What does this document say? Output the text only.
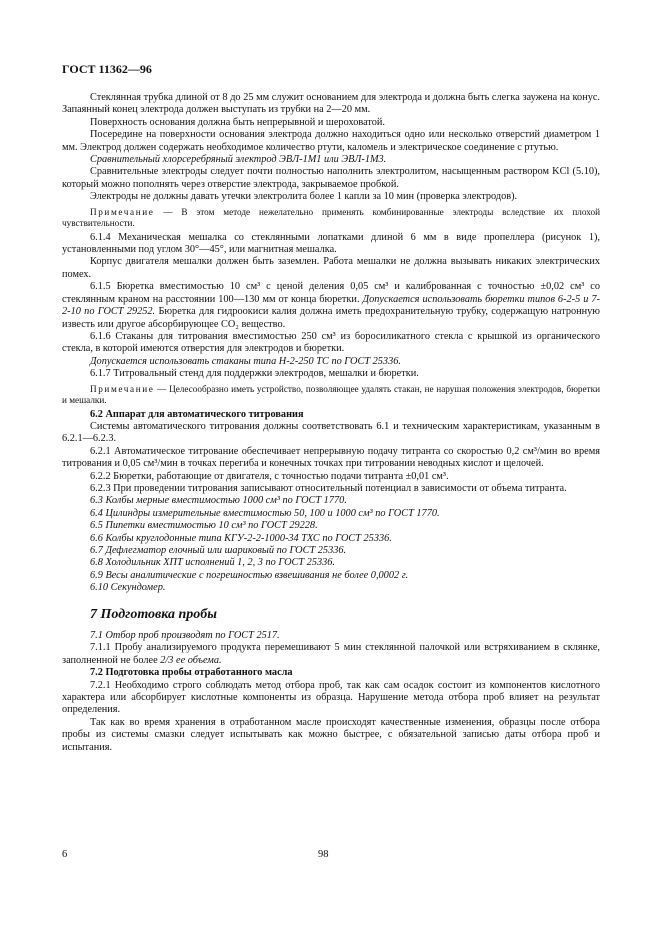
ГОСТ 11362—96

Стеклянная трубка длиной от 8 до 25 мм служит основанием для электрода и должна быть слегка заужена на конус. Запаянный конец электрода должен выступать из трубки на 2—20 мм.

Поверхность основания должна быть непрерывной и шероховатой.

Посередине на поверхности основания электрода должно находиться одно или несколько отверстий диаметром 1 мм. Электрод должен содержать необходимое количество ртути, каломель и электрическое соединение с ртутью.

Сравнительный хлорсеребряный электрод ЭВЛ-1М1 или ЭВЛ-1М3.

Сравнительные электроды следует почти полностью наполнить электролитом, насыщенным раствором KCl (5.10), который можно пополнять через отверстие электрода, закрываемое пробкой.

Электроды не должны давать утечки электролита более 1 капли за 10 мин (проверка электродов).

Примечание — В этом методе нежелательно применять комбинированные электроды вследствие их плохой чувствительности.

6.1.4 Механическая мешалка со стеклянными лопатками длиной 6 мм в виде пропеллера (рисунок 1), установленными под углом 30°—45°, или магнитная мешалка.

Корпус двигателя мешалки должен быть заземлен. Работа мешалки не должна вызывать никаких электрических помех.

6.1.5 Бюретка вместимостью 10 см³ с ценой деления 0,05 см³ и калиброванная с точностью ±0,02 см³ со стеклянным краном на расстоянии 100—130 мм от конца бюретки. Допускается использовать бюретки типов 6-2-5 и 7-2-10 по ГОСТ 29252. Бюретка для гидроокиси калия должна иметь предохранительную трубку, содержащую натронную известь или другое абсорбирующее CO₂ вещество.

6.1.6 Стаканы для титрования вместимостью 250 см³ из боросиликатного стекла с крышкой из органического стекла, в которой имеются отверстия для электродов и бюретки.

Допускается использовать стаканы типа Н-2-250 ТС по ГОСТ 25336.

6.1.7 Титровальный стенд для поддержки электродов, мешалки и бюретки.

Примечание — Целесообразно иметь устройство, позволяющее удалять стакан, не нарушая положения электродов, бюретки и мешалки.

6.2 Аппарат для автоматического титрования

Системы автоматического титрования должны соответствовать 6.1 и техническим характеристикам, указанным в 6.2.1—6.2.3.

6.2.1 Автоматическое титрование обеспечивает непрерывную подачу титранта со скоростью 0,2 см³/мин во время титрования и 0,05 см³/мин в точках перегиба и конечных точках при титровании неводных кислот и щелочей.

6.2.2 Бюретки, работающие от двигателя, с точностью подачи титранта ±0,01 см³.

6.2.3 При проведении титрования записывают относительный потенциал в зависимости от объема титранта.

6.3 Колбы мерные вместимостью 1000 см³ по ГОСТ 1770.

6.4 Цилиндры измерительные вместимостью 50, 100 и 1000 см³ по ГОСТ 1770.

6.5 Пипетки вместимостью 10 см³ по ГОСТ 29228.

6.6 Колбы круглодонные типа КГУ-2-2-1000-34 ТХС по ГОСТ 25336.

6.7 Дефлегматор елочный или шариковый по ГОСТ 25336.

6.8 Холодильник ХПТ исполнений 1, 2, 3 по ГОСТ 25336.

6.9 Весы аналитические с погрешностью взвешивания не более 0,0002 г.

6.10 Секундомер.

7 Подготовка пробы

7.1 Отбор проб производят по ГОСТ 2517.

7.1.1 Пробу анализируемого продукта перемешивают 5 мин стеклянной палочкой или встряхиванием в склянке, заполненной не более 2/3 ее объема.

7.2 Подготовка пробы отработанного масла

7.2.1 Необходимо строго соблюдать метод отбора проб, так как сам осадок состоит из компонентов кислотного характера или абсорбирует кислотные компоненты из образца. Нарушение метода отбора проб влияет на результат определения.

Так как во время хранения в отработанном масле происходят качественные изменения, образцы после отбора пробы из системы смазки следует испытывать как можно быстрее, с обязательной записью даты отбора проб и испытания.

6	98
